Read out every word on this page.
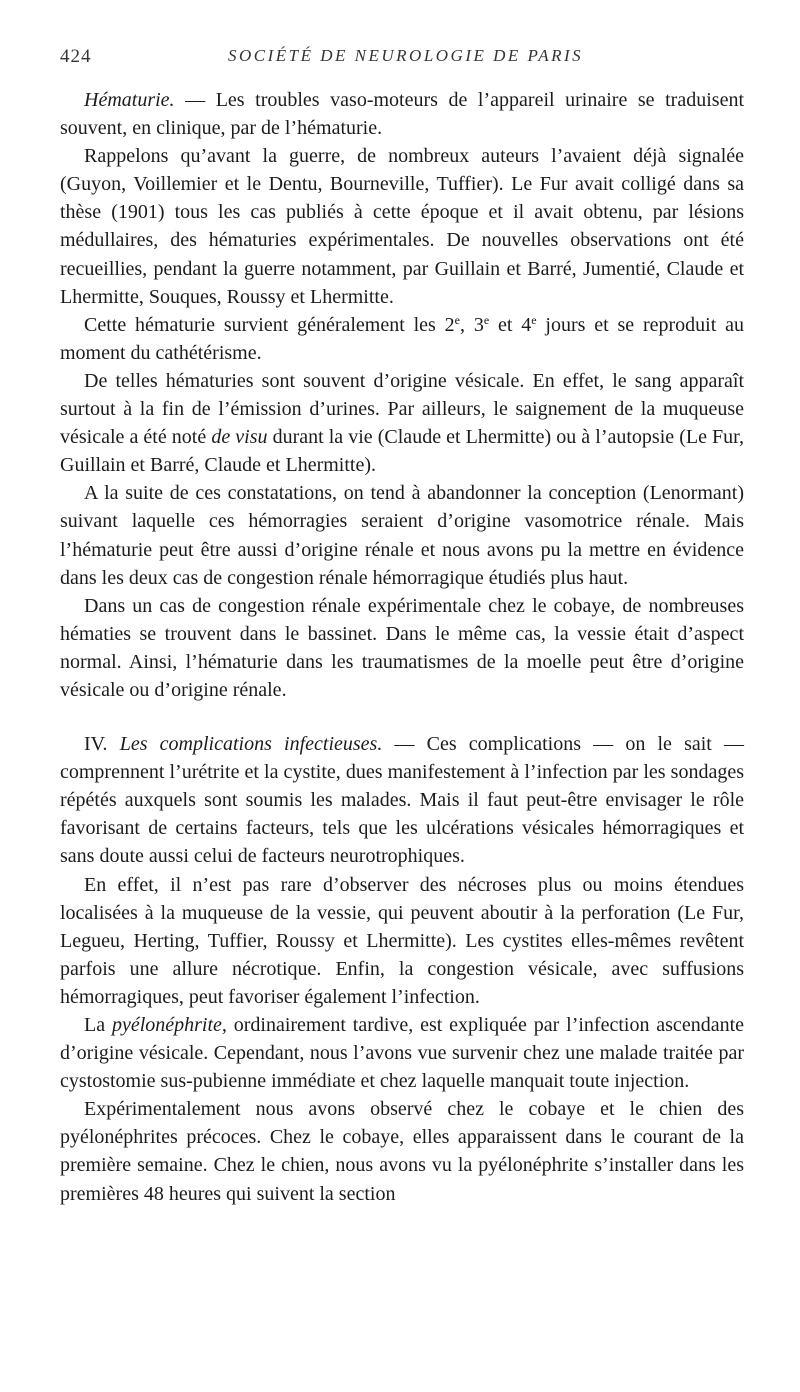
424	SOCIÉTÉ DE NEUROLOGIE DE PARIS

Hématurie. — Les troubles vaso-moteurs de l’appareil urinaire se traduisent souvent, en clinique, par de l’hématurie.

Rappelons qu’avant la guerre, de nombreux auteurs l’avaient déjà signalée (Guyon, Voillemier et le Dentu, Bourneville, Tuffier). Le Fur avait colligé dans sa thèse (1901) tous les cas publiés à cette époque et il avait obtenu, par lésions médullaires, des hématuries expérimentales. De nouvelles observations ont été recueillies, pendant la guerre notamment, par Guillain et Barré, Jumentié, Claude et Lhermitte, Souques, Roussy et Lhermitte.

Cette hématurie survient généralement les 2e, 3e et 4e jours et se reproduit au moment du cathétérisme.

De telles hématuries sont souvent d’origine vésicale. En effet, le sang apparaît surtout à la fin de l’émission d’urines. Par ailleurs, le saignement de la muqueuse vésicale a été noté de visu durant la vie (Claude et Lhermitte) ou à l’autopsie (Le Fur, Guillain et Barré, Claude et Lhermitte).

A la suite de ces constatations, on tend à abandonner la conception (Lenormant) suivant laquelle ces hémorragies seraient d’origine vasomotrice rénale. Mais l’hématurie peut être aussi d’origine rénale et nous avons pu la mettre en évidence dans les deux cas de congestion rénale hémorragique étudiés plus haut.

Dans un cas de congestion rénale expérimentale chez le cobaye, de nombreuses hématies se trouvent dans le bassinet. Dans le même cas, la vessie était d’aspect normal. Ainsi, l’hématurie dans les traumatismes de la moelle peut être d’origine vésicale ou d’origine rénale.

IV. Les complications infectieuses. — Ces complications — on le sait — comprennent l’urétrite et la cystite, dues manifestement à l’infection par les sondages répétés auxquels sont soumis les malades. Mais il faut peut-être envisager le rôle favorisant de certains facteurs, tels que les ulcérations vésicales hémorragiques et sans doute aussi celui de facteurs neurotrophiques.

En effet, il n’est pas rare d’observer des nécroses plus ou moins étendues localisées à la muqueuse de la vessie, qui peuvent aboutir à la perforation (Le Fur, Leguеu, Herting, Tuffier, Roussy et Lhermitte). Les cystites elles-mêmes revêtent parfois une allure nécrotique. Enfin, la congestion vésicale, avec suffusions hémorragiques, peut favoriser également l’infection.

La pyélonéphrite, ordinairement tardive, est expliquée par l’infection ascendante d’origine vésicale. Cependant, nous l’avons vue survenir chez une malade traitée par cystostomie sus-pubienne immédiate et chez laquelle manquait toute injection.

Expérimentalement nous avons observé chez le cobaye et le chien des pyélonéphrites précoces. Chez le cobaye, elles apparaissent dans le courant de la première semaine. Chez le chien, nous avons vu la pyélonéphrite s’installer dans les premières 48 heures qui suivent la section
